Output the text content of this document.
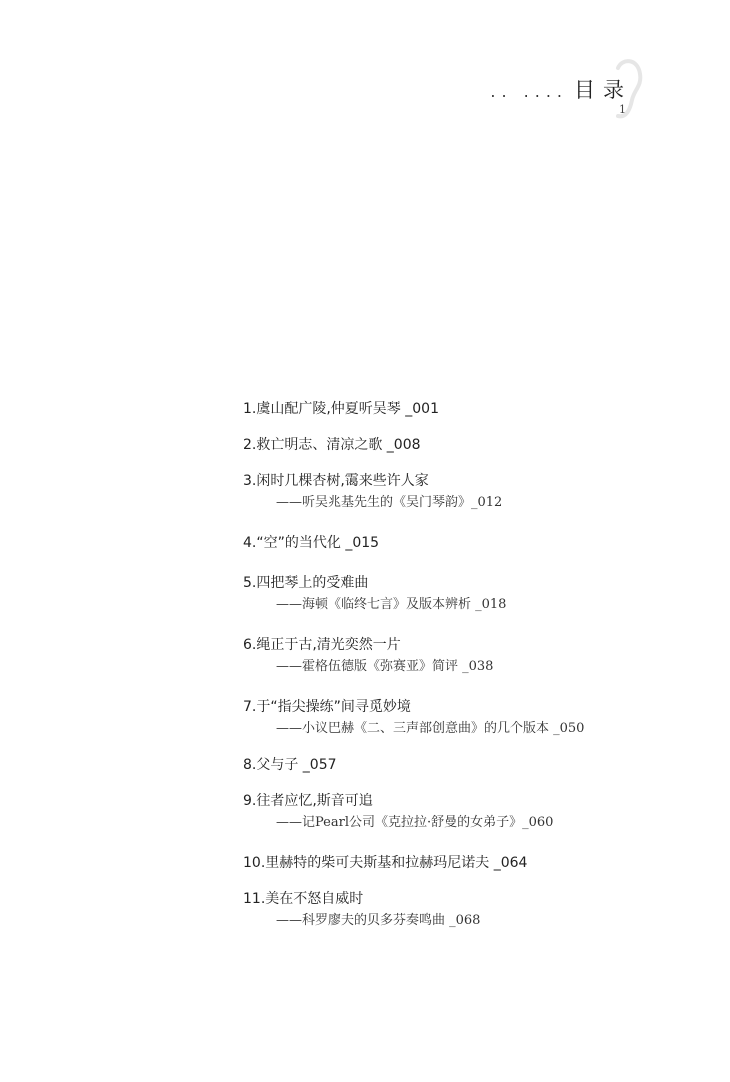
.. .... 目录
1
1.虞山配广陵,仲夏听吴琴 _001
2.救亡明志、清凉之歌 _008
3.闲时几棵杏树,霭来些许人家
——听吴兆基先生的《吴门琴韵》_012
4.“空”的当代化 _015
5.四把琴上的受难曲
——海顿《临终七言》及版本辨析 _018
6.绳正于古,清光奕然一片
——霍格伍德版《弥赛亚》简评 _038
7.于“指尖操练”间寻觅妙境
——小议巴赫《二、三声部创意曲》的几个版本 _050
8.父与子 _057
9.往者应忆,斯音可追
——记Pearl公司《克拉拉·舒曼的女弟子》_060
10.里赫特的柴可夫斯基和拉赫玛尼诺夫 _064
11.美在不怒自威时
——科罗廖夫的贝多芬奏鸣曲 _068
